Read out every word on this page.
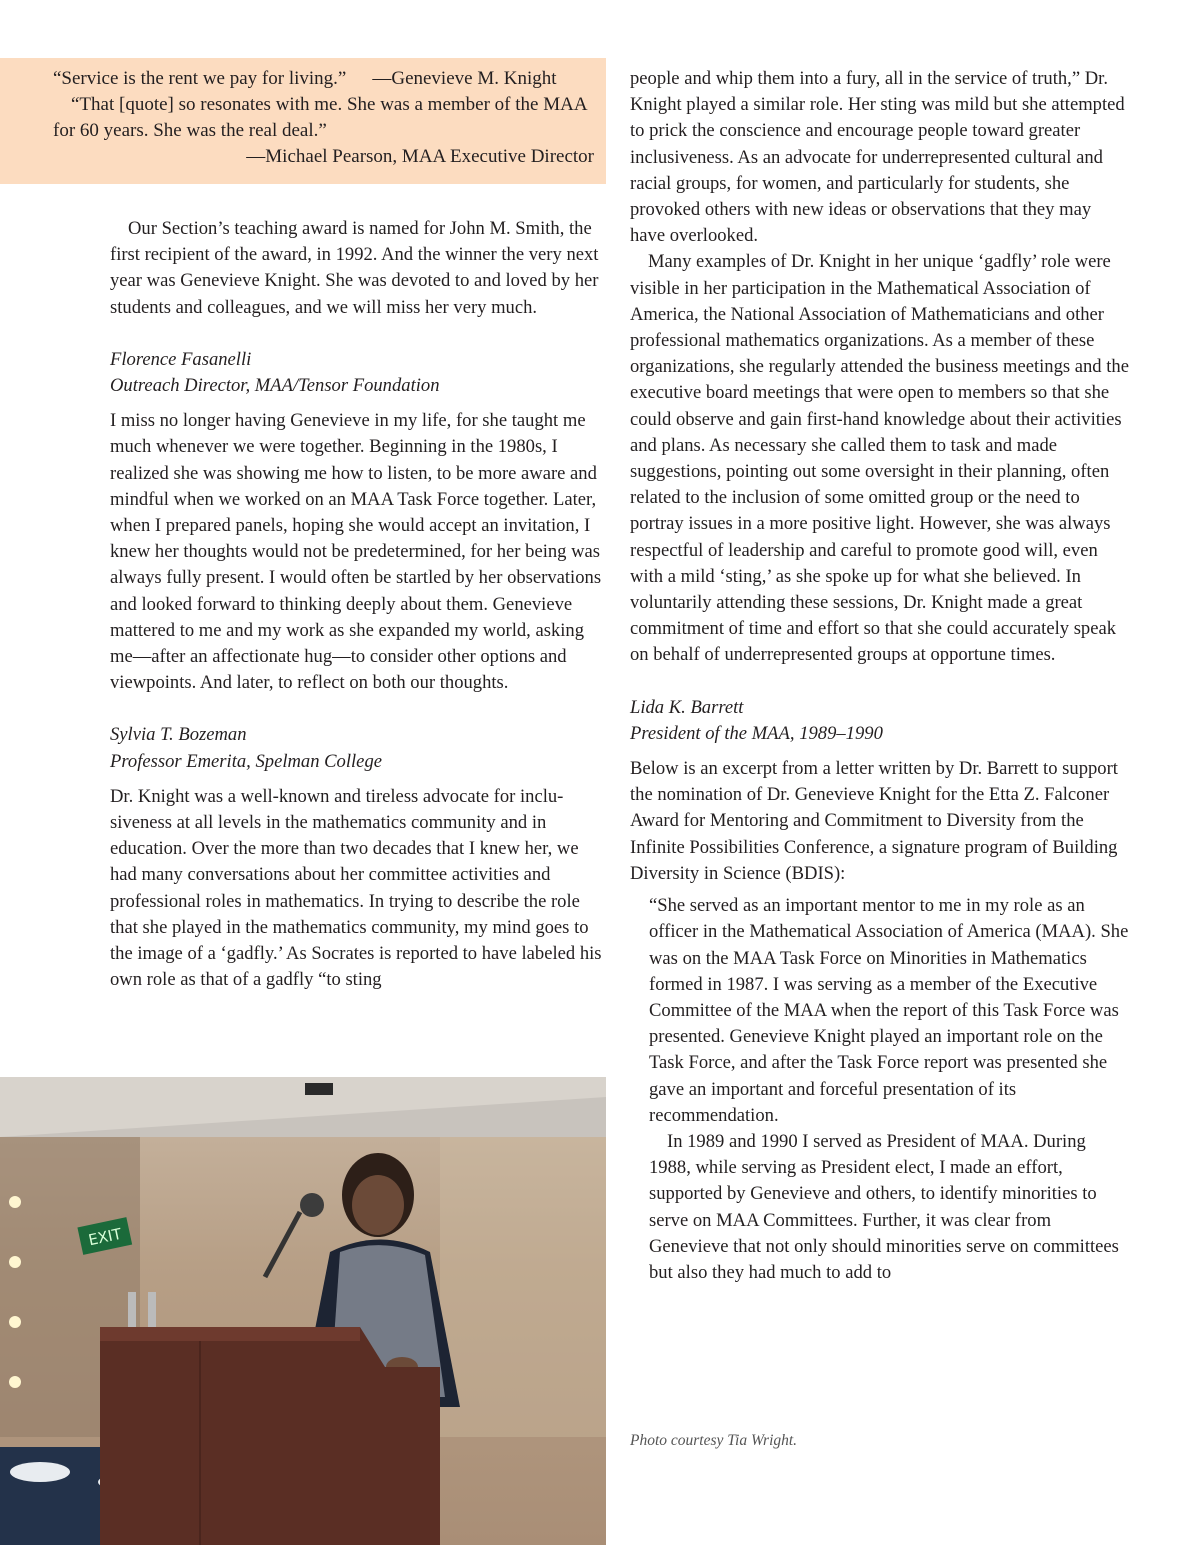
“Service is the rent we pay for living.” —Genevieve M. Knight

“That [quote] so resonates with me. She was a member of the MAA for 60 years. She was the real deal.”

—Michael Pearson, MAA Executive Director

Our Section’s teaching award is named for John M. Smith, the first recipient of the award, in 1992. And the winner the very next year was Genevieve Knight. She was devoted to and loved by her students and colleagues, and we will miss her very much.

Florence Fasanelli

Outreach Director, MAA/Tensor Foundation

I miss no longer having Genevieve in my life, for she taught me much whenever we were together. Beginning in the 1980s, I realized she was showing me how to listen, to be more aware and mindful when we worked on an MAA Task Force together. Later, when I prepared panels, hoping she would accept an invitation, I knew her thoughts would not be predetermined, for her being was always fully present. I would often be startled by her observations and looked forward to thinking deeply about them. Genevieve mattered to me and my work as she expanded my world, asking me—after an affectionate hug—to consider other options and viewpoints. And later, to reflect on both our thoughts.

Sylvia T. Bozeman

Professor Emerita, Spelman College

Dr. Knight was a well-known and tireless advocate for inclusiveness at all levels in the mathematics community and in education. Over the more than two decades that I knew her, we had many conversations about her committee activities and professional roles in mathematics. In trying to describe the role that she played in the mathematics community, my mind goes to the image of a ‘gadfly.’ As Socrates is reported to have labeled his own role as that of a gadfly “to sting

people and whip them into a fury, all in the service of truth,” Dr. Knight played a similar role. Her sting was mild but she attempted to prick the conscience and encourage people toward greater inclusiveness. As an advocate for underrepresented cultural and racial groups, for women, and particularly for students, she provoked others with new ideas or observations that they may have overlooked.

Many examples of Dr. Knight in her unique ‘gadfly’ role were visible in her participation in the Mathematical Association of America, the National Association of Mathematicians and other professional mathematics organizations. As a member of these organizations, she regularly attended the business meetings and the executive board meetings that were open to members so that she could observe and gain first-hand knowledge about their activities and plans. As necessary she called them to task and made suggestions, pointing out some oversight in their planning, often related to the inclusion of some omitted group or the need to portray issues in a more positive light. However, she was always respectful of leadership and careful to promote good will, even with a mild ‘sting,’ as she spoke up for what she believed. In voluntarily attending these sessions, Dr. Knight made a great commitment of time and effort so that she could accurately speak on behalf of underrepresented groups at opportune times.

Lida K. Barrett

President of the MAA, 1989–1990

Below is an excerpt from a letter written by Dr. Barrett to support the nomination of Dr. Genevieve Knight for the Etta Z. Falconer Award for Mentoring and Commitment to Diversity from the Infinite Possibilities Conference, a signature program of Building Diversity in Science (BDIS):

“She served as an important mentor to me in my role as an officer in the Mathematical Association of America (MAA). She was on the MAA Task Force on Minorities in Mathematics formed in 1987. I was serving as a member of the Executive Committee of the MAA when the report of this Task Force was presented. Genevieve Knight played an important role on the Task Force, and after the Task Force report was presented she gave an important and forceful presentation of its recommendation.

In 1989 and 1990 I served as President of MAA. During 1988, while serving as President elect, I made an effort, supported by Genevieve and others, to identify minorities to serve on MAA Committees. Further, it was clear from Genevieve that not only should minorities serve on committees but also they had much to add to

EXIT

Photo courtesy Tia Wright.
